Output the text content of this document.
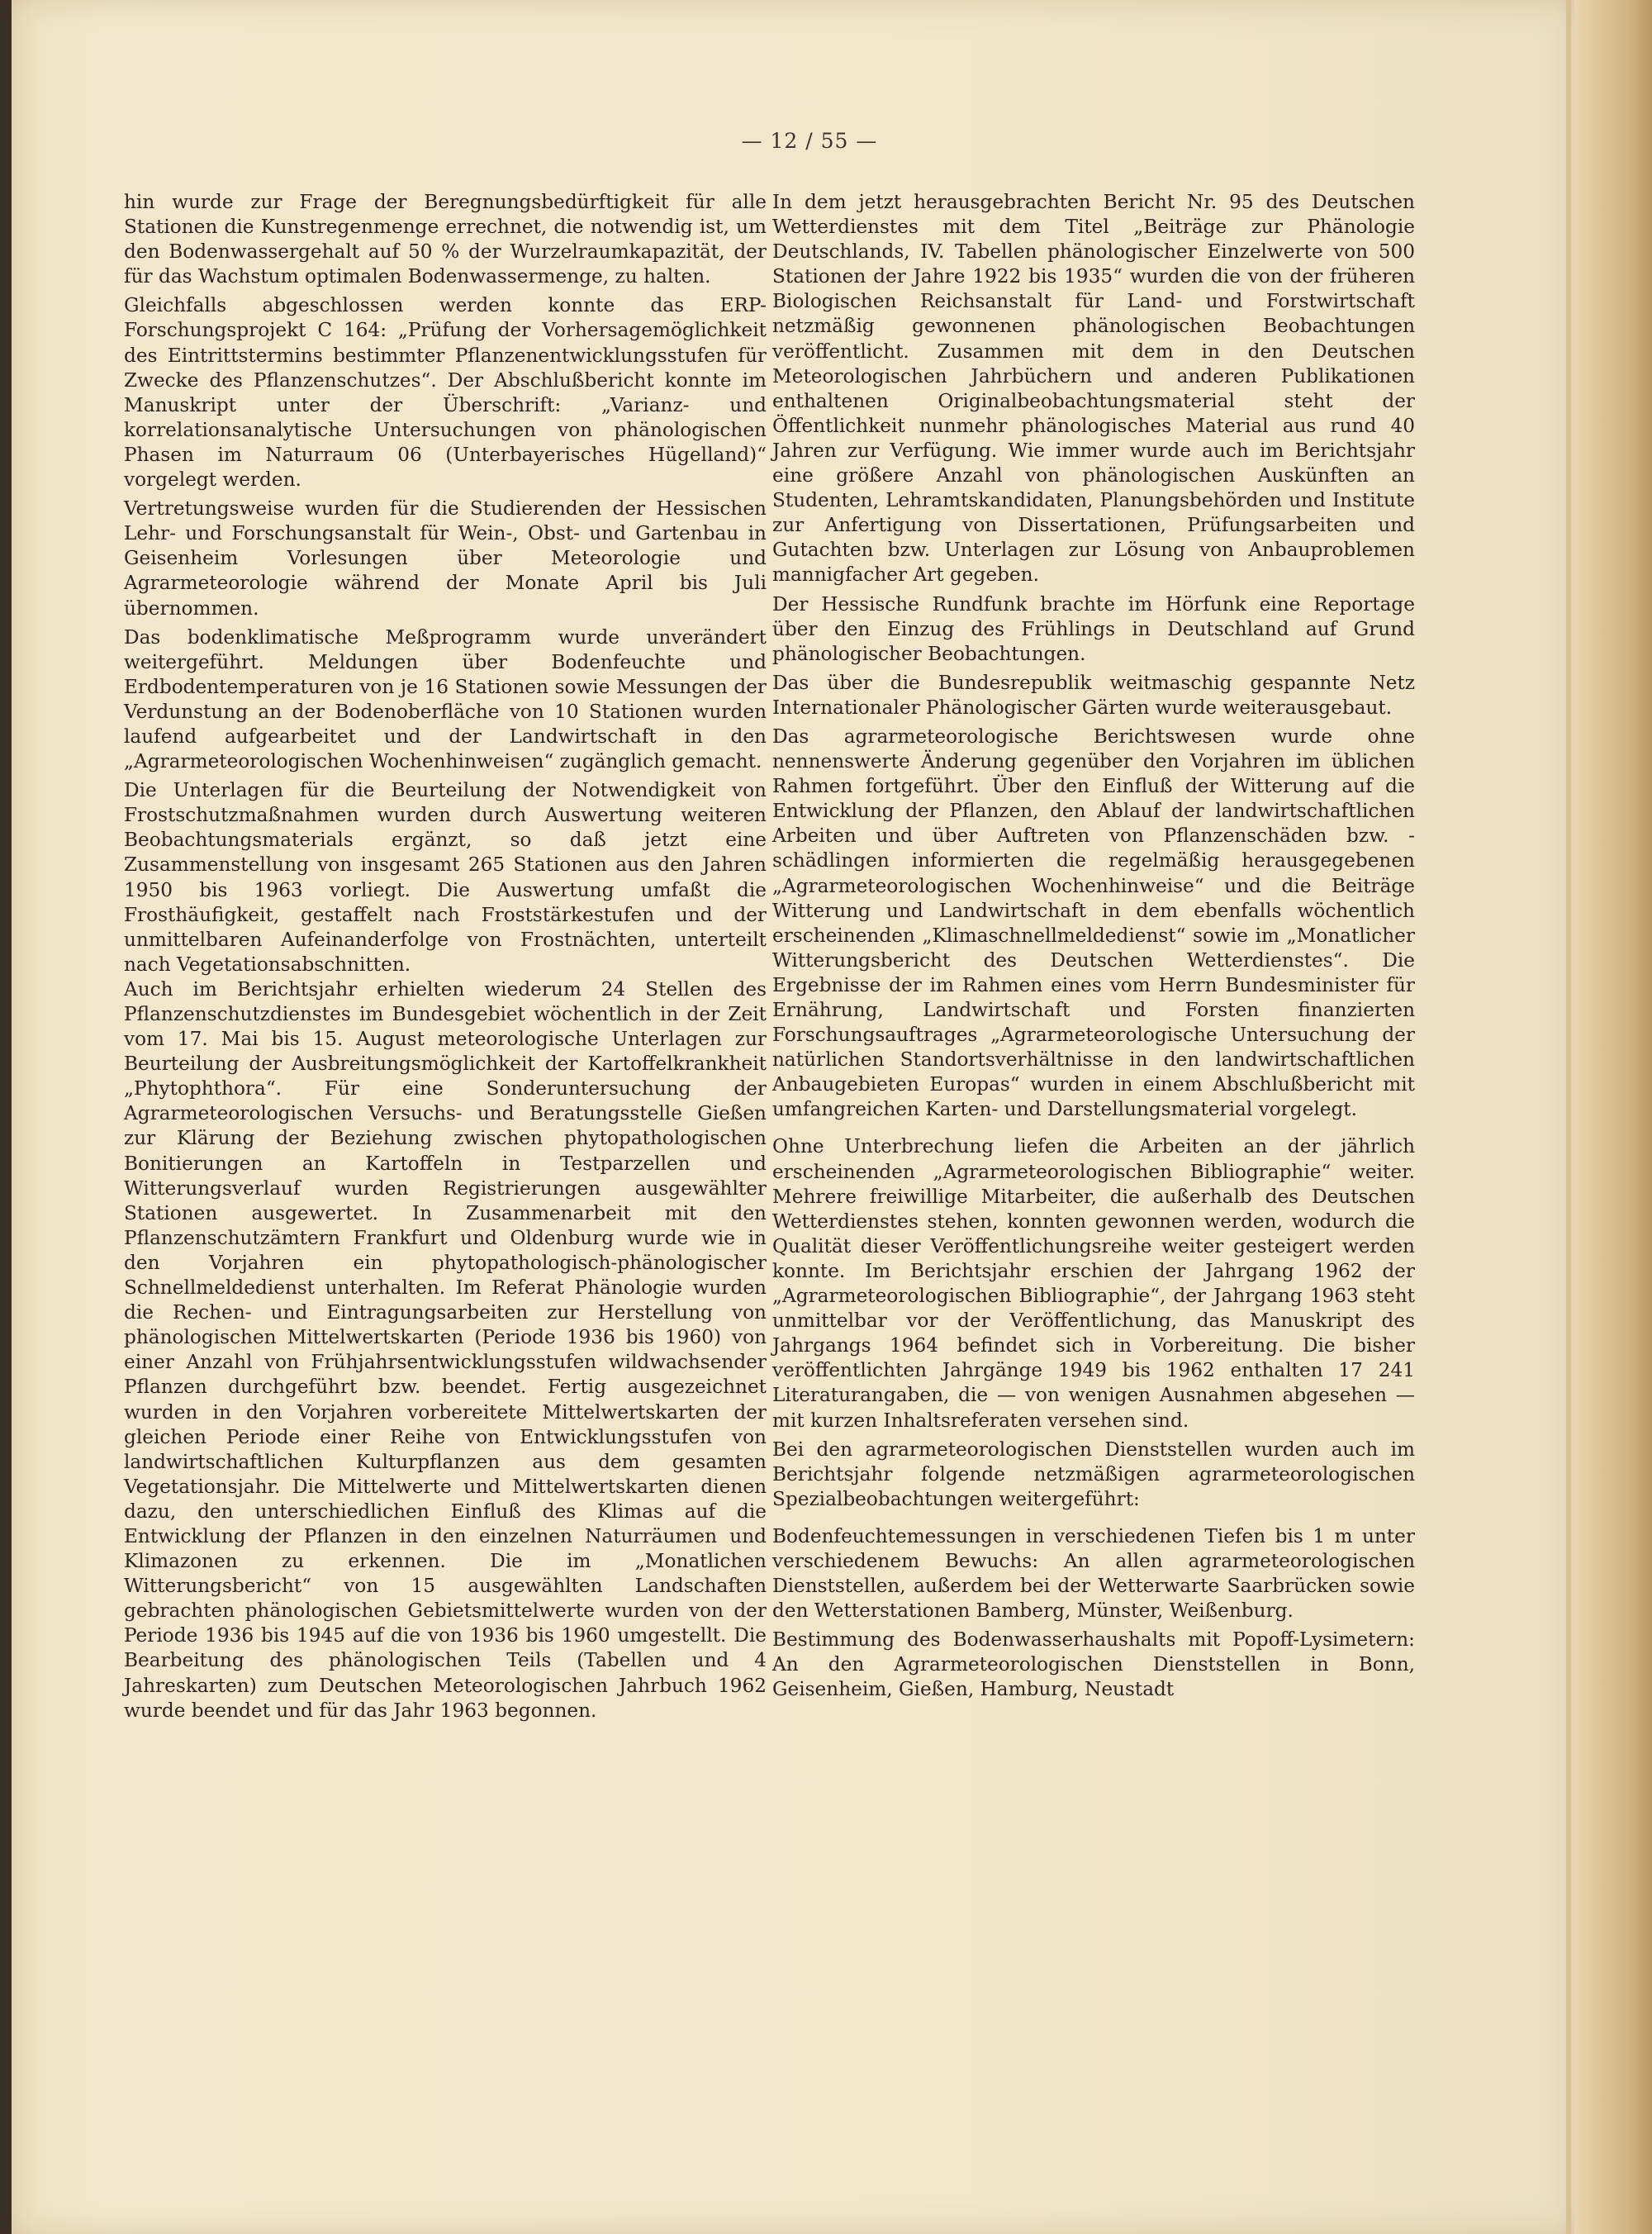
— 12 / 55 —

hin wurde zur Frage der Beregnungsbedürftigkeit für alle Stationen die Kunstregenmenge errechnet, die notwendig ist, um den Bodenwassergehalt auf 50 % der Wurzelraumkapazität, der für das Wachstum optimalen Bodenwassermenge, zu halten.

Gleichfalls abgeschlossen werden konnte das ERP-Forschungsprojekt C 164: „Prüfung der Vorhersagemöglichkeit des Eintrittstermins bestimmter Pflanzenentwicklungsstufen für Zwecke des Pflanzenschutzes“. Der Abschlußbericht konnte im Manuskript unter der Überschrift: „Varianz- und korrelationsanalytische Untersuchungen von phänologischen Phasen im Naturraum 06 (Unterbayerisches Hügelland)“ vorgelegt werden.

Vertretungsweise wurden für die Studierenden der Hessischen Lehr- und Forschungsanstalt für Wein-, Obst- und Gartenbau in Geisenheim Vorlesungen über Meteorologie und Agrarmeteorologie während der Monate April bis Juli übernommen.

Das bodenklimatische Meßprogramm wurde unverändert weitergeführt. Meldungen über Bodenfeuchte und Erdbodentemperaturen von je 16 Stationen sowie Messungen der Verdunstung an der Bodenoberfläche von 10 Stationen wurden laufend aufgearbeitet und der Landwirtschaft in den „Agrarmeteorologischen Wochenhinweisen“ zugänglich gemacht.

Die Unterlagen für die Beurteilung der Notwendigkeit von Frostschutzmaßnahmen wurden durch Auswertung weiteren Beobachtungsmaterials ergänzt, so daß jetzt eine Zusammenstellung von insgesamt 265 Stationen aus den Jahren 1950 bis 1963 vorliegt. Die Auswertung umfaßt die Frosthäufigkeit, gestaffelt nach Froststärkestufen und der unmittelbaren Aufeinanderfolge von Frostnächten, unterteilt nach Vegetationsabschnitten.

Auch im Berichtsjahr erhielten wiederum 24 Stellen des Pflanzenschutzdienstes im Bundesgebiet wöchentlich in der Zeit vom 17. Mai bis 15. August meteorologische Unterlagen zur Beurteilung der Ausbreitungsmöglichkeit der Kartoffelkrankheit „Phytophthora“. Für eine Sonderuntersuchung der Agrarmeteorologischen Versuchs- und Beratungsstelle Gießen zur Klärung der Beziehung zwischen phytopathologischen Bonitierungen an Kartoffeln in Testparzellen und Witterungsverlauf wurden Registrierungen ausgewählter Stationen ausgewertet. In Zusammenarbeit mit den Pflanzenschutzämtern Frankfurt und Oldenburg wurde wie in den Vorjahren ein phytopathologisch-phänologischer Schnellmeldedienst unterhalten. Im Referat Phänologie wurden die Rechen- und Eintragungsarbeiten zur Herstellung von phänologischen Mittelwertskarten (Periode 1936 bis 1960) von einer Anzahl von Frühjahrsentwicklungsstufen wildwachsender Pflanzen durchgeführt bzw. beendet. Fertig ausgezeichnet wurden in den Vorjahren vorbereitete Mittelwertskarten der gleichen Periode einer Reihe von Entwicklungsstufen von landwirtschaftlichen Kulturpflanzen aus dem gesamten Vegetationsjahr. Die Mittelwerte und Mittelwertskarten dienen dazu, den unterschiedlichen Einfluß des Klimas auf die Entwicklung der Pflanzen in den einzelnen Naturräumen und Klimazonen zu erkennen. Die im „Monatlichen Witterungsbericht“ von 15 ausgewählten Landschaften gebrachten phänologischen Gebietsmittelwerte wurden von der Periode 1936 bis 1945 auf die von 1936 bis 1960 umgestellt. Die Bearbeitung des phänologischen Teils (Tabellen und 4 Jahreskarten) zum Deutschen Meteorologischen Jahrbuch 1962 wurde beendet und für das Jahr 1963 begonnen.

In dem jetzt herausgebrachten Bericht Nr. 95 des Deutschen Wetterdienstes mit dem Titel „Beiträge zur Phänologie Deutschlands, IV. Tabellen phänologischer Einzelwerte von 500 Stationen der Jahre 1922 bis 1935“ wurden die von der früheren Biologischen Reichsanstalt für Land- und Forstwirtschaft netzmäßig gewonnenen phänologischen Beobachtungen veröffentlicht. Zusammen mit dem in den Deutschen Meteorologischen Jahrbüchern und anderen Publikationen enthaltenen Originalbeobachtungsmaterial steht der Öffentlichkeit nunmehr phänologisches Material aus rund 40 Jahren zur Verfügung. Wie immer wurde auch im Berichtsjahr eine größere Anzahl von phänologischen Auskünften an Studenten, Lehramtskandidaten, Planungsbehörden und Institute zur Anfertigung von Dissertationen, Prüfungsarbeiten und Gutachten bzw. Unterlagen zur Lösung von Anbauproblemen mannigfacher Art gegeben.

Der Hessische Rundfunk brachte im Hörfunk eine Reportage über den Einzug des Frühlings in Deutschland auf Grund phänologischer Beobachtungen.

Das über die Bundesrepublik weitmaschig gespannte Netz Internationaler Phänologischer Gärten wurde weiterausgebaut.

Das agrarmeteorologische Berichtswesen wurde ohne nennenswerte Änderung gegenüber den Vorjahren im üblichen Rahmen fortgeführt. Über den Einfluß der Witterung auf die Entwicklung der Pflanzen, den Ablauf der landwirtschaftlichen Arbeiten und über Auftreten von Pflanzenschäden bzw. -schädlingen informierten die regelmäßig herausgegebenen „Agrarmeteorologischen Wochenhinweise“ und die Beiträge Witterung und Landwirtschaft in dem ebenfalls wöchentlich erscheinenden „Klimaschnellmeldedienst“ sowie im „Monatlicher Witterungsbericht des Deutschen Wetterdienstes“. Die Ergebnisse der im Rahmen eines vom Herrn Bundesminister für Ernährung, Landwirtschaft und Forsten finanzierten Forschungsauftrages „Agrarmeteorologische Untersuchung der natürlichen Standortsverhältnisse in den landwirtschaftlichen Anbaugebieten Europas“ wurden in einem Abschlußbericht mit umfangreichen Karten- und Darstellungsmaterial vorgelegt.

Ohne Unterbrechung liefen die Arbeiten an der jährlich erscheinenden „Agrarmeteorologischen Bibliographie“ weiter. Mehrere freiwillige Mitarbeiter, die außerhalb des Deutschen Wetterdienstes stehen, konnten gewonnen werden, wodurch die Qualität dieser Veröffentlichungsreihe weiter gesteigert werden konnte. Im Berichtsjahr erschien der Jahrgang 1962 der „Agrarmeteorologischen Bibliographie“, der Jahrgang 1963 steht unmittelbar vor der Veröffentlichung, das Manuskript des Jahrgangs 1964 befindet sich in Vorbereitung. Die bisher veröffentlichten Jahrgänge 1949 bis 1962 enthalten 17 241 Literaturangaben, die — von wenigen Ausnahmen abgesehen — mit kurzen Inhaltsreferaten versehen sind.

Bei den agrarmeteorologischen Dienststellen wurden auch im Berichtsjahr folgende netzmäßigen agrarmeteorologischen Spezialbeobachtungen weitergeführt:

Bodenfeuchtemessungen in verschiedenen Tiefen bis 1 m unter verschiedenem Bewuchs: An allen agrarmeteorologischen Dienststellen, außerdem bei der Wetterwarte Saarbrücken sowie den Wetterstationen Bamberg, Münster, Weißenburg.

Bestimmung des Bodenwasserhaushalts mit Popoff-Lysimetern: An den Agrarmeteorologischen Dienststellen in Bonn, Geisenheim, Gießen, Hamburg, Neustadt
